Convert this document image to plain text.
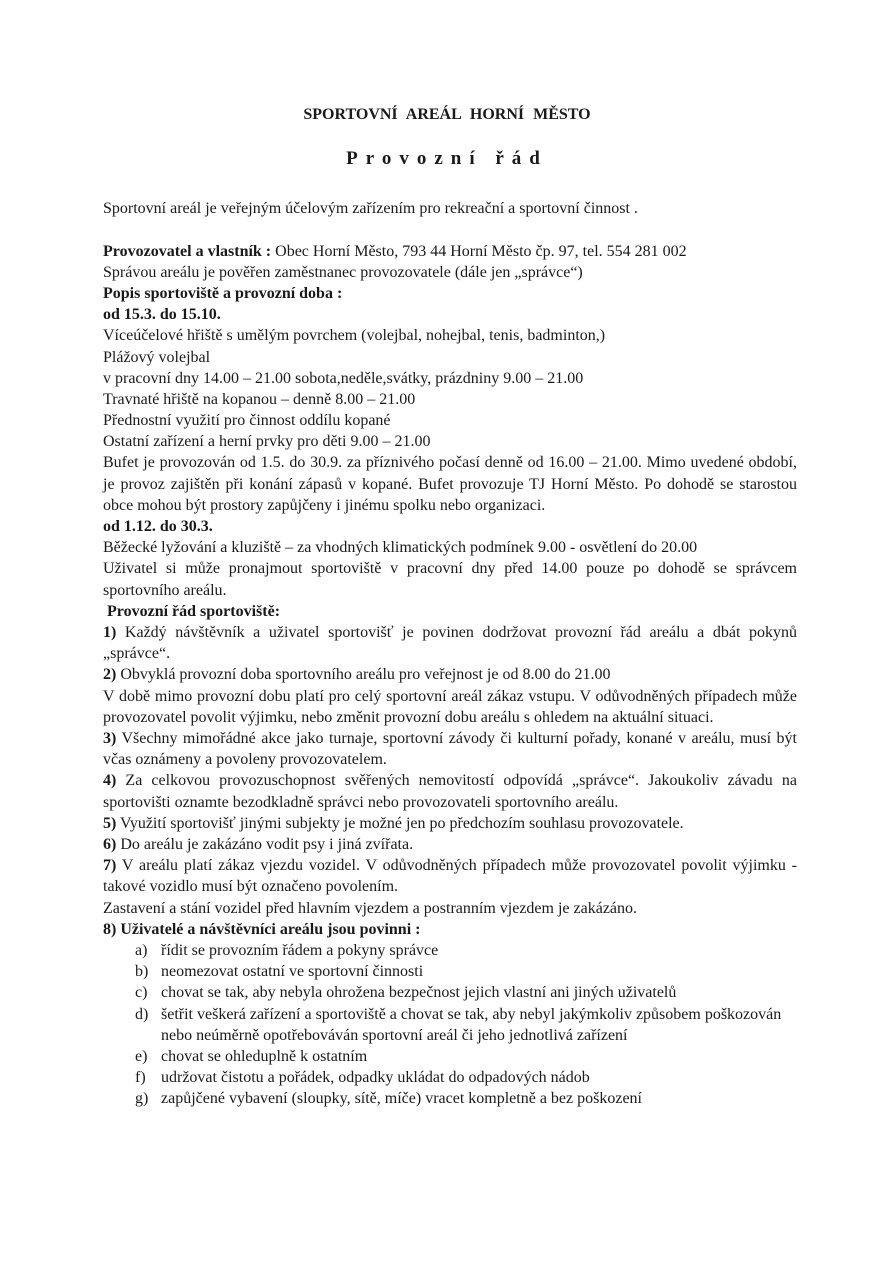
SPORTOVNÍ AREÁL HORNÍ MĚSTO
Provozní řád
Sportovní areál je veřejným účelovým zařízením pro rekreační a sportovní činnost .
Provozovatel a vlastník : Obec Horní Město, 793 44 Horní Město čp. 97, tel. 554 281 002
Správou areálu je pověřen zaměstnanec provozovatele (dále jen „správce“)
Popis sportoviště a provozní doba :
od 15.3. do 15.10.
Víceúčelové hřiště s umělým povrchem (volejbal, nohejbal, tenis, badminton,)
Plážový volejbal
v pracovní dny 14.00 – 21.00 sobota,neděle,svátky, prázdniny 9.00 – 21.00
Travnaté hřiště na kopanou – denně 8.00 – 21.00
Přednostní využití pro činnost oddílu kopané
Ostatní zařízení a herní prvky pro děti 9.00 – 21.00
Bufet je provozován od 1.5. do 30.9. za příznivého počasí denně od 16.00 – 21.00. Mimo uvedené období, je provoz zajištěn při konání zápasů v kopané. Bufet provozuje TJ Horní Město. Po dohodě se starostou obce mohou být prostory zapůjčeny i jinému spolku nebo organizaci.
od 1.12. do 30.3.
Běžecké lyžování a kluziště – za vhodných klimatických podmínek 9.00 - osvětlení do 20.00
Uživatel si může pronajmout sportoviště v pracovní dny před 14.00 pouze po dohodě se správcem sportovního areálu.
Provozní řád sportoviště:
1) Každý návštěvník a uživatel sportovišť je povinen dodržovat provozní řád areálu a dbát pokynů „správce“.
2) Obvyklá provozní doba sportovního areálu pro veřejnost je od 8.00 do 21.00
V době mimo provozní dobu platí pro celý sportovní areál zákaz vstupu. V odůvodněných případech může provozovatel povolit výjimku, nebo změnit provozní dobu areálu s ohledem na aktuální situaci.
3) Všechny mimořádné akce jako turnaje, sportovní závody či kulturní pořady, konané v areálu, musí být včas oznámeny a povoleny provozovatelem.
4) Za celkovou provozuschopnost svěřených nemovitostí odpovídá „správce“. Jakoukoliv závadu na sportovišti oznamte bezodkladně správci nebo provozovateli sportovního areálu.
5) Využití sportovišť jinými subjekty je možné jen po předchozím souhlasu provozovatele.
6) Do areálu je zakázáno vodit psy i jiná zvířata.
7) V areálu platí zákaz vjezdu vozidel. V odůvodněných případech může provozovatel povolit výjimku - takové vozidlo musí být označeno povolením.
Zastavení a stání vozidel před hlavním vjezdem a postranním vjezdem je zakázáno.
8) Uživatelé a návštěvníci areálu jsou povinni :
a) řídit se provozním řádem a pokyny správce
b) neomezovat ostatní ve sportovní činnosti
c) chovat se tak, aby nebyla ohrožena bezpečnost jejich vlastní ani jiných uživatelů
d) šetřit veškerá zařízení a sportoviště a chovat se tak, aby nebyl jakýmkoliv způsobem poškozován nebo neúměrně opotřebováván sportovní areál či jeho jednotlivá zařízení
e) chovat se ohleduplně k ostatním
f) udržovat čistotu a pořádek, odpadky ukládat do odpadových nádob
g) zapůjčené vybavení (sloupky, sítě, míče) vracet kompletně a bez poškození
